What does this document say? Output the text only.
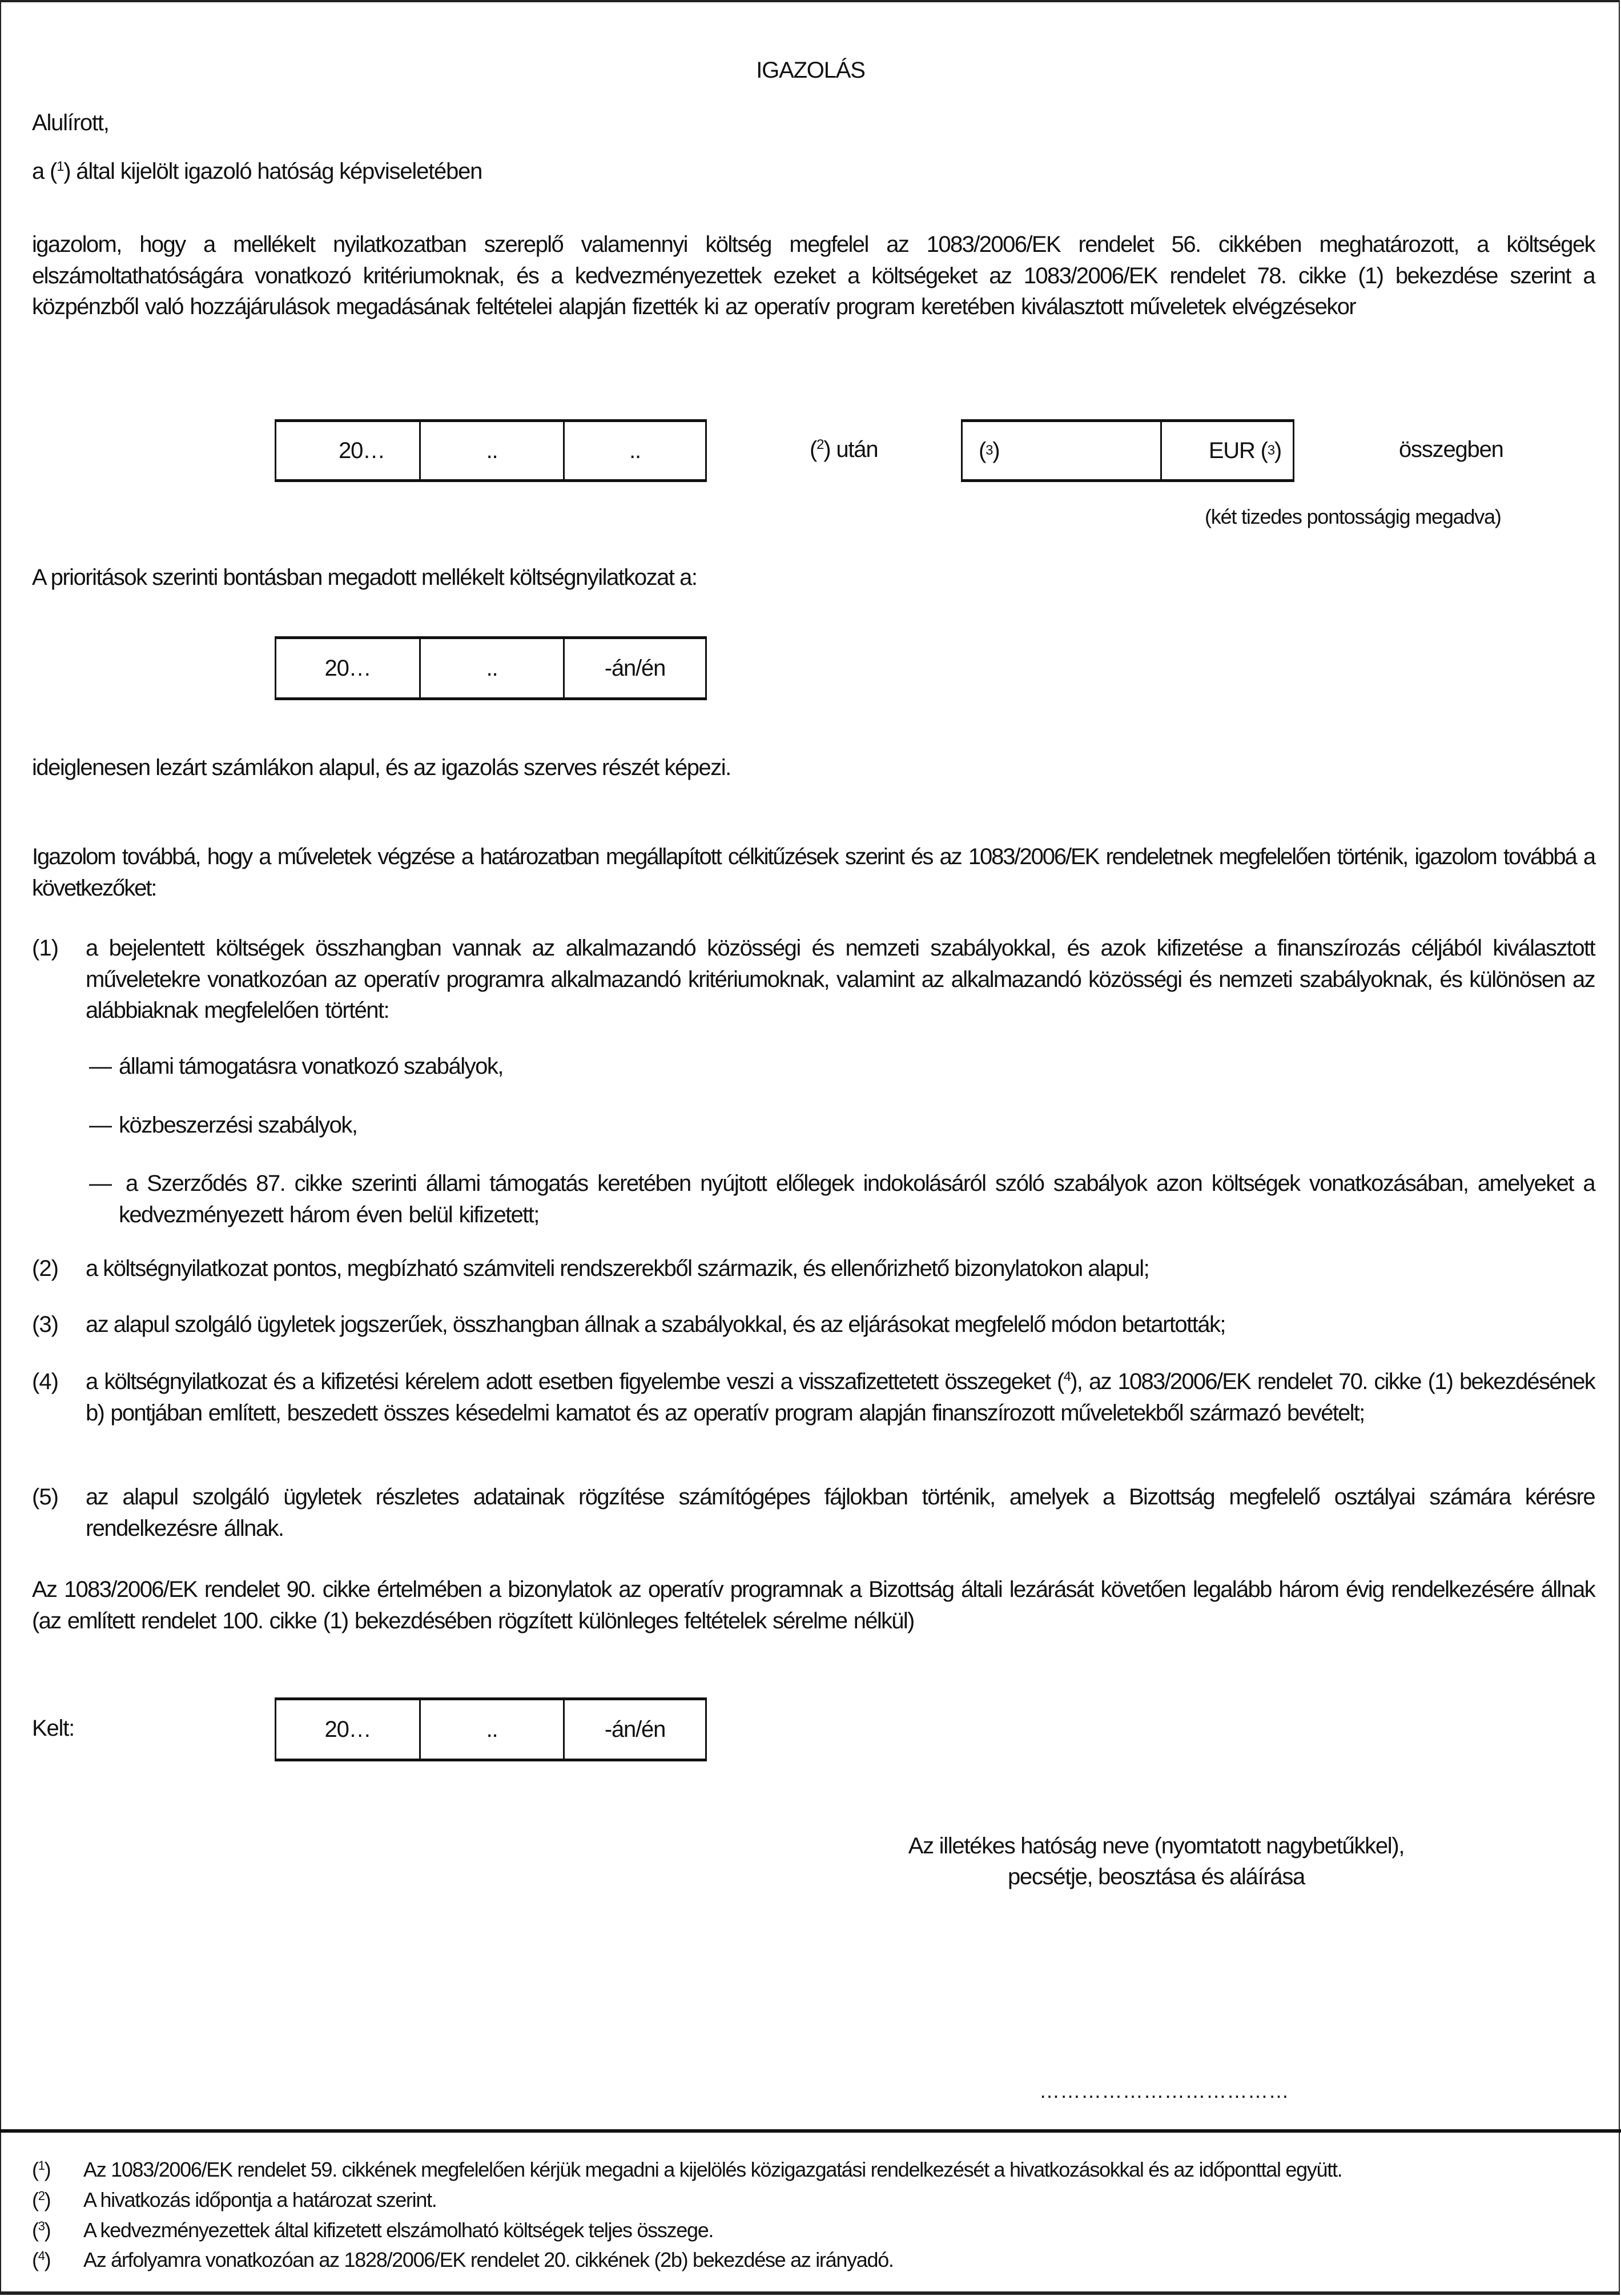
IGAZOLÁS
Alulírott,
a ($^1$) által kijelölt igazoló hatóság képviseletében
igazolom, hogy a mellékelt nyilatkozatban szereplő valamennyi költség megfelel az 1083/2006/EK rendelet 56. cikkében meghatározott, a költségek elszámoltathatóságára vonatkozó kritériumoknak, és a kedvezményezettek ezeket a költségeket az 1083/2006/EK rendelet 78. cikke (1) bekezdése szerint a közpénzből való hozzájárulások megadásának feltételei alapján fizették ki az operatív program keretében kiválasztott műveletek elvégzésekor
20…	..	..	($^2$) után	( 3 )	EUR ( 3 )	összegben
(két tizedes pontosságig megadva)
A prioritások szerinti bontásban megadott mellékelt költségnyilatkozat a:
20…	..	-án/én
ideiglenesen lezárt számlákon alapul, és az igazolás szerves részét képezi.
Igazolom továbbá, hogy a műveletek végzése a határozatban megállapított célkitűzések szerint és az 1083/2006/EK rendeletnek megfelelően történik, igazolom továbbá a következőket:
(1) a bejelentett költségek összhangban vannak az alkalmazandó közösségi és nemzeti szabályokkal, és azok kifizetése a finanszírozás céljából kiválasztott műveletekre vonatkozóan az operatív programra alkalmazandó kritériumoknak, valamint az alkalmazandó közösségi és nemzeti szabályoknak, és különösen az alábbiaknak megfelelően történt:
— állami támogatásra vonatkozó szabályok,
— közbeszerzési szabályok,
— a Szerződés 87. cikke szerinti állami támogatás keretében nyújtott előlegek indokolásáról szóló szabályok azon költségek vonatkozásában, amelyeket a kedvezményezett három éven belül kifizetett;
(2) a költségnyilatkozat pontos, megbízható számviteli rendszerekből származik, és ellenőrizhető bizonylatokon alapul;
(3) az alapul szolgáló ügyletek jogszerűek, összhangban állnak a szabályokkal, és az eljárásokat megfelelő módon betartották;
(4) a költségnyilatkozat és a kifizetési kérelem adott esetben figyelembe veszi a visszafizettetett összegeket ($^4$), az 1083/2006/EK rendelet 70. cikke (1) bekezdésének b) pontjában említett, beszedett összes késedelmi kamatot és az operatív program alapján finanszírozott műveletekből származó bevételt;
(5) az alapul szolgáló ügyletek részletes adatainak rögzítése számítógépes fájlokban történik, amelyek a Bizottság megfelelő osztályai számára kérésre rendelkezésre állnak.
Az 1083/2006/EK rendelet 90. cikke értelmében a bizonylatok az operatív programnak a Bizottság általi lezárását követően legalább három évig rendelkezésére állnak (az említett rendelet 100. cikke (1) bekezdésében rögzített különleges feltételek sérelme nélkül)
Kelt:	20…	..	-án/én
Az illetékes hatóság neve (nyomtatott nagybetűkkel),
pecsétje, beosztása és aláírása
………………………………
($^1$) Az 1083/2006/EK rendelet 59. cikkének megfelelően kérjük megadni a kijelölés közigazgatási rendelkezését a hivatkozásokkal és az időponttal együtt.
($^2$) A hivatkozás időpontja a határozat szerint.
($^3$) A kedvezményezettek által kifizetett elszámolható költségek teljes összege.
($^4$) Az árfolyamra vonatkozóan az 1828/2006/EK rendelet 20. cikkének (2b) bekezdése az irányadó.
